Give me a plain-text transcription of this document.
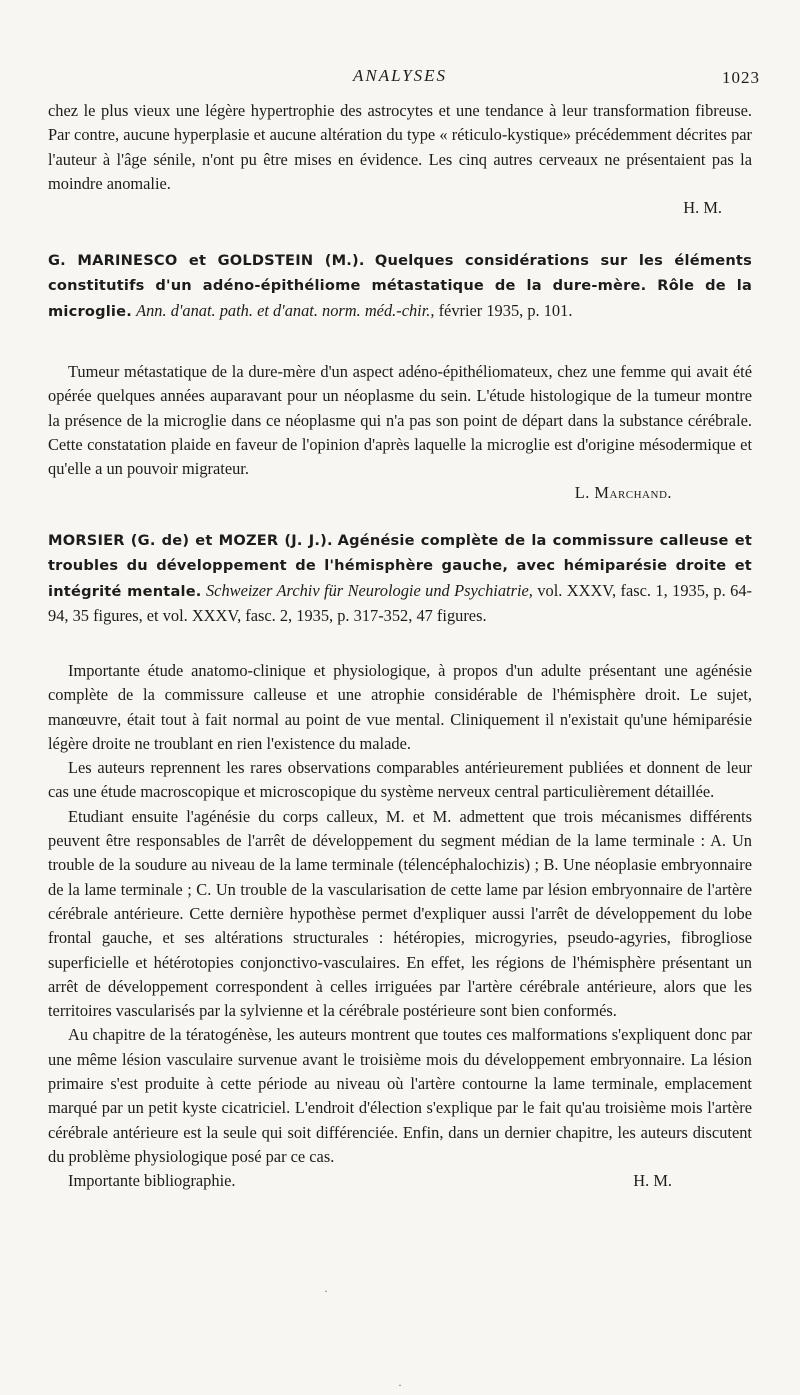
ANALYSES	1023

chez le plus vieux une légère hypertrophie des astrocytes et une tendance à leur transformation fibreuse. Par contre, aucune hyperplasie et aucune altération du type « réticulo-kystique» précédemment décrites par l'auteur à l'âge sénile, n'ont pu être mises en évidence. Les cinq autres cerveaux ne présentaient pas la moindre anomalie.

H. M.

G. MARINESCO et GOLDSTEIN (M.). Quelques considérations sur les éléments constitutifs d'un adéno-épithéliome métastatique de la dure-mère. Rôle de la microglie. Ann. d'anat. path. et d'anat. norm. méd.-chir., février 1935, p. 101.

Tumeur métastatique de la dure-mère d'un aspect adéno-épithéliomateux, chez une femme qui avait été opérée quelques années auparavant pour un néoplasme du sein. L'étude histologique de la tumeur montre la présence de la microglie dans ce néoplasme qui n'a pas son point de départ dans la substance cérébrale. Cette constatation plaide en faveur de l'opinion d'après laquelle la microglie est d'origine mésodermique et qu'elle a un pouvoir migrateur.

L. Marchand.

MORSIER (G. de) et MOZER (J. J.). Agénésie complète de la commissure calleuse et troubles du développement de l'hémisphère gauche, avec hémiparésie droite et intégrité mentale. Schweizer Archiv für Neurologie und Psychiatrie, vol. XXXV, fasc. 1, 1935, p. 64-94, 35 figures, et vol. XXXV, fasc. 2, 1935, p. 317-352, 47 figures.

Importante étude anatomo-clinique et physiologique, à propos d'un adulte présentant une agénésie complète de la commissure calleuse et une atrophie considérable de l'hémisphère droit. Le sujet, manœuvre, était tout à fait normal au point de vue mental. Cliniquement il n'existait qu'une hémiparésie légère droite ne troublant en rien l'existence du malade.

Les auteurs reprennent les rares observations comparables antérieurement publiées et donnent de leur cas une étude macroscopique et microscopique du système nerveux central particulièrement détaillée.

Etudiant ensuite l'agénésie du corps calleux, M. et M. admettent que trois mécanismes différents peuvent être responsables de l'arrêt de développement du segment médian de la lame terminale : A. Un trouble de la soudure au niveau de la lame terminale (télencéphalochizis) ; B. Une néoplasie embryonnaire de la lame terminale ; C. Un trouble de la vascularisation de cette lame par lésion embryonnaire de l'artère cérébrale antérieure. Cette dernière hypothèse permet d'expliquer aussi l'arrêt de développement du lobe frontal gauche, et ses altérations structurales : hétéropies, microgyries, pseudo-agyries, fibrogliose superficielle et hétérotopies conjonctivo-vasculaires. En effet, les régions de l'hémisphère présentant un arrêt de développement correspondent à celles irriguées par l'artère cérébrale antérieure, alors que les territoires vascularisés par la sylvienne et la cérébrale postérieure sont bien conformés.

Au chapitre de la tératogénèse, les auteurs montrent que toutes ces malformations s'expliquent donc par une même lésion vasculaire survenue avant le troisième mois du développement embryonnaire. La lésion primaire s'est produite à cette période au niveau où l'artère contourne la lame terminale, emplacement marqué par un petit kyste cicatriciel. L'endroit d'élection s'explique par le fait qu'au troisième mois l'artère cérébrale antérieure est la seule qui soit différenciée. Enfin, dans un dernier chapitre, les auteurs discutent du problème physiologique posé par ce cas.

Importante bibliographie.	H. M.

·
·
